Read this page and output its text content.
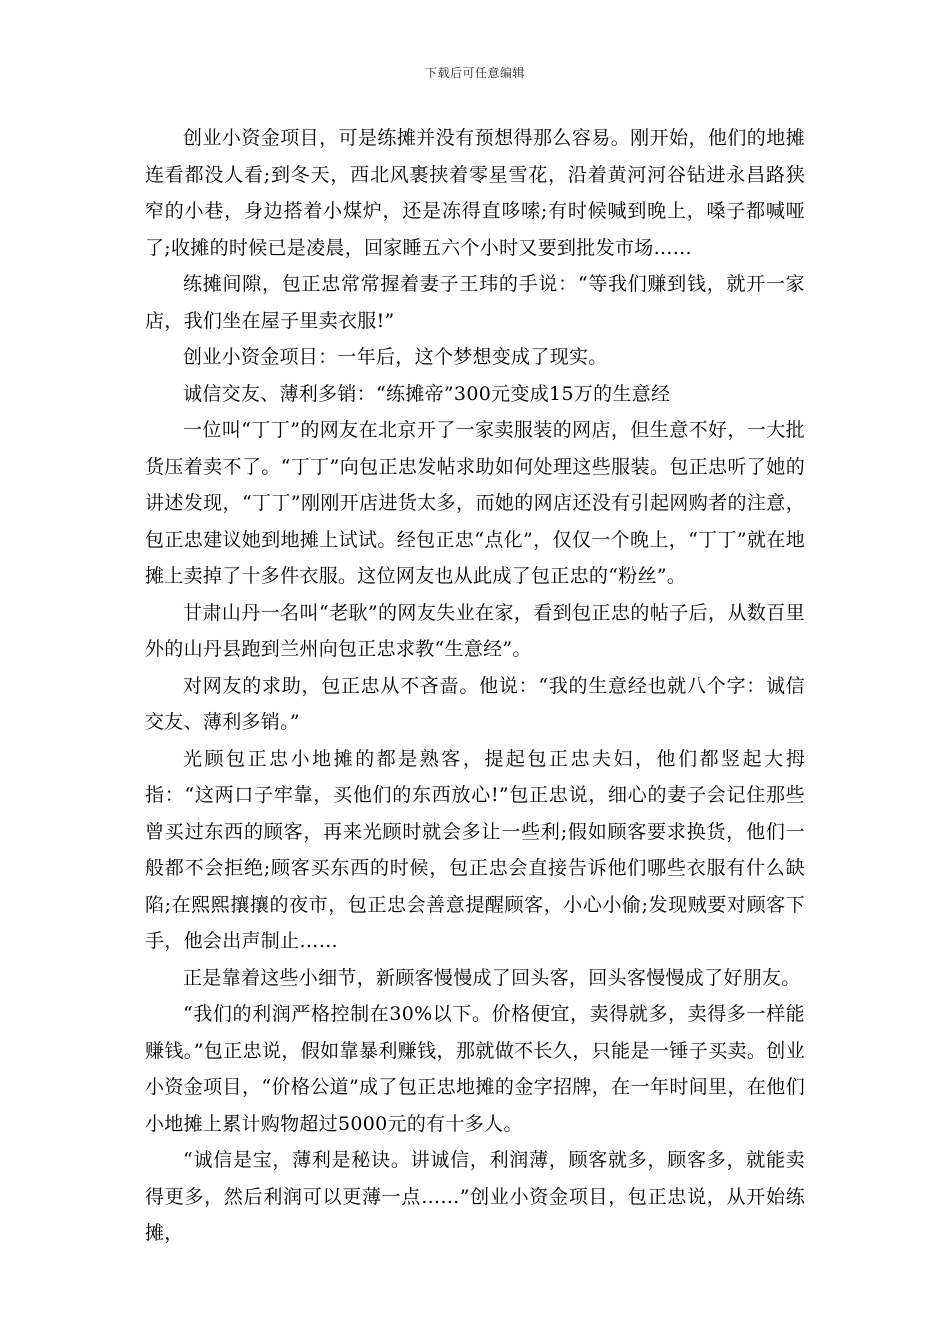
下载后可任意编辑

创业小资金项目，可是练摊并没有预想得那么容易。刚开始，他们的地摊连看都没人看;到冬天，西北风裹挟着零星雪花，沿着黄河河谷钻进永昌路狭窄的小巷，身边搭着小煤炉，还是冻得直哆嗦;有时候喊到晚上，嗓子都喊哑了;收摊的时候已是凌晨，回家睡五六个小时又要到批发市场……

练摊间隙，包正忠常常握着妻子王玮的手说：“等我们赚到钱，就开一家店，我们坐在屋子里卖衣服!”

创业小资金项目：一年后，这个梦想变成了现实。

诚信交友、薄利多销：“练摊帝”300元变成15万的生意经

一位叫“丁丁”的网友在北京开了一家卖服装的网店，但生意不好，一大批货压着卖不了。“丁丁”向包正忠发帖求助如何处理这些服装。包正忠听了她的讲述发现，“丁丁”刚刚开店进货太多，而她的网店还没有引起网购者的注意，包正忠建议她到地摊上试试。经包正忠“点化”，仅仅一个晚上，“丁丁”就在地摊上卖掉了十多件衣服。这位网友也从此成了包正忠的“粉丝”。

甘肃山丹一名叫“老耿”的网友失业在家，看到包正忠的帖子后，从数百里外的山丹县跑到兰州向包正忠求教“生意经”。

对网友的求助，包正忠从不吝啬。他说：“我的生意经也就八个字：诚信交友、薄利多销。”

光顾包正忠小地摊的都是熟客，提起包正忠夫妇，他们都竖起大拇指：“这两口子牢靠，买他们的东西放心!”包正忠说，细心的妻子会记住那些曾买过东西的顾客，再来光顾时就会多让一些利;假如顾客要求换货，他们一般都不会拒绝;顾客买东西的时候，包正忠会直接告诉他们哪些衣服有什么缺陷;在熙熙攘攘的夜市，包正忠会善意提醒顾客，小心小偷;发现贼要对顾客下手，他会出声制止……

正是靠着这些小细节，新顾客慢慢成了回头客，回头客慢慢成了好朋友。

“我们的利润严格控制在30%以下。价格便宜，卖得就多，卖得多一样能赚钱。”包正忠说，假如靠暴利赚钱，那就做不长久，只能是一锤子买卖。创业小资金项目，“价格公道”成了包正忠地摊的金字招牌，在一年时间里，在他们小地摊上累计购物超过5000元的有十多人。

“诚信是宝，薄利是秘诀。讲诚信，利润薄，顾客就多，顾客多，就能卖得更多，然后利润可以更薄一点……”创业小资金项目，包正忠说，从开始练摊，
